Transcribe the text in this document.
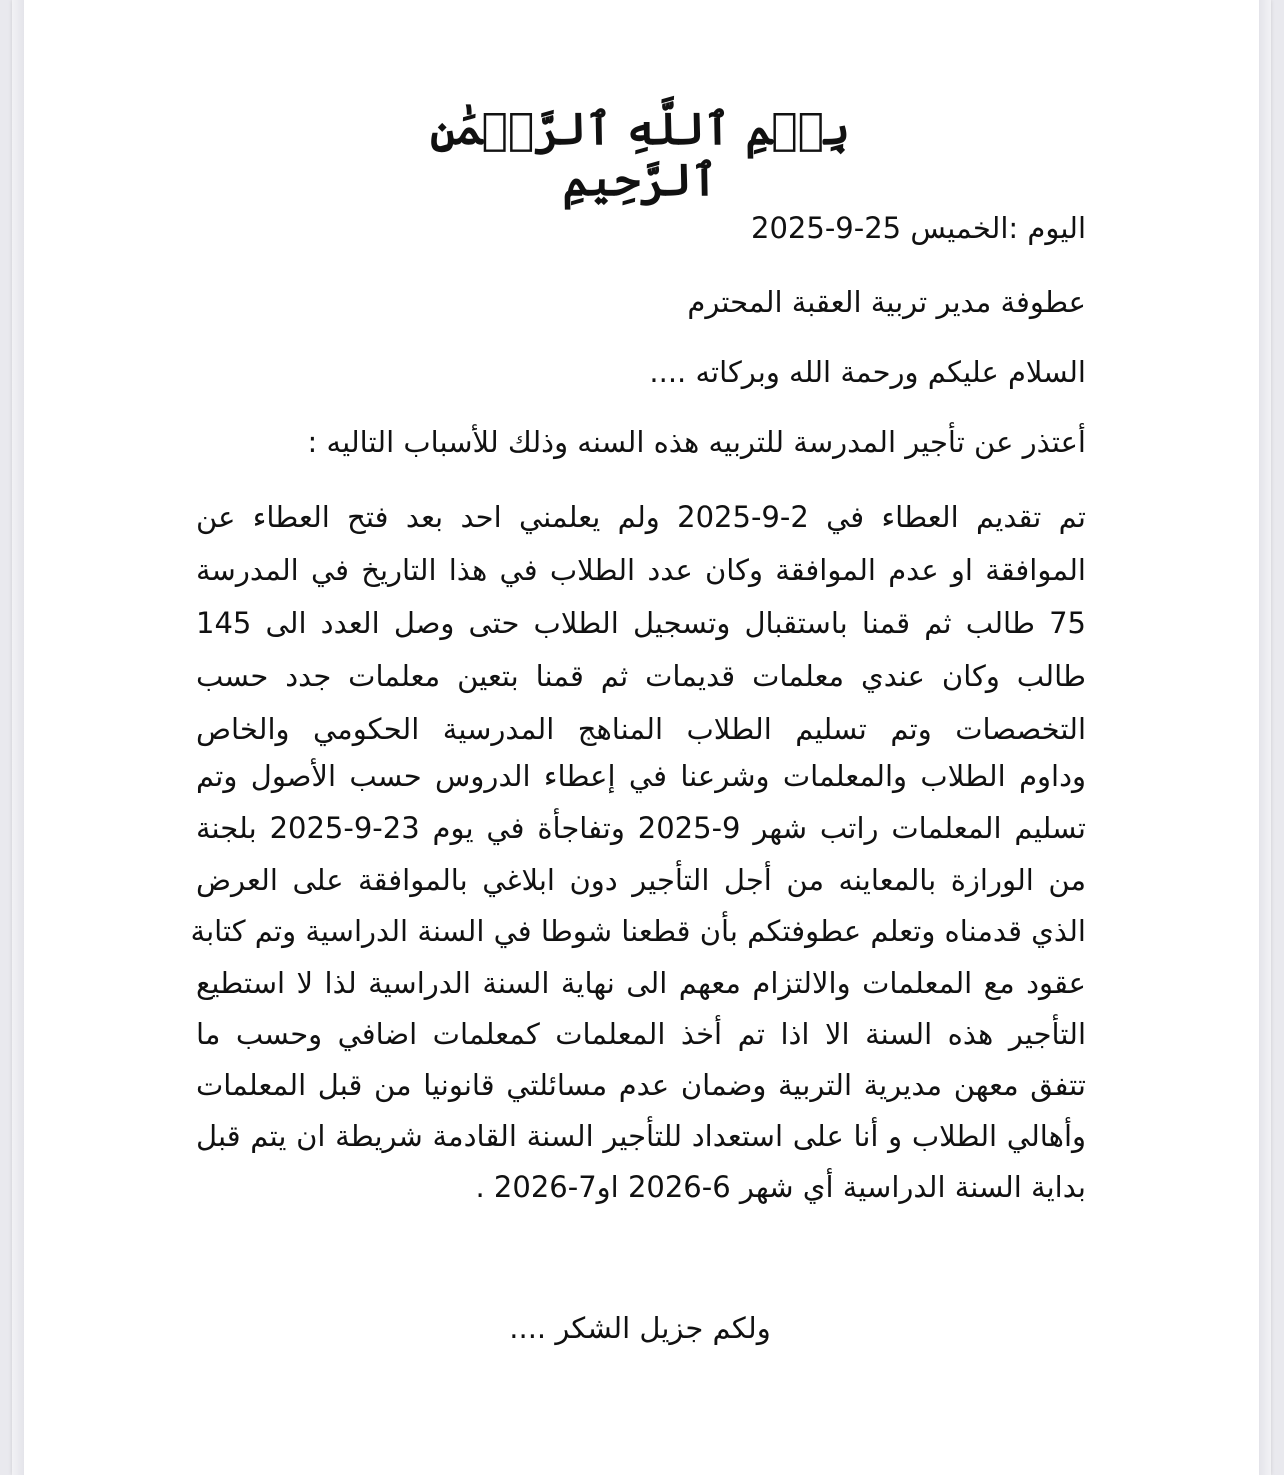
بِسۡمِ ٱللَّهِ ٱلرَّحۡمَٰنِ ٱلرَّحِيمِ
اليوم :الخميس 25-9-2025
عطوفة مدير تربية العقبة المحترم
السلام عليكم ورحمة الله وبركاته ....
أعتذر عن تأجير المدرسة للتربيه هذه السنه وذلك للأسباب التاليه :
تم تقديم العطاء في 2-9-2025 ولم يعلمني احد بعد فتح العطاء عن
الموافقة او عدم الموافقة وكان عدد الطلاب في هذا التاريخ في المدرسة
75 طالب ثم قمنا باستقبال وتسجيل الطلاب حتى وصل العدد الى 145
طالب وكان عندي معلمات قديمات ثم قمنا بتعين معلمات جدد حسب
التخصصات وتم تسليم الطلاب المناهج المدرسية الحكومي والخاص
وداوم الطلاب والمعلمات وشرعنا في إعطاء الدروس حسب الأصول وتم
تسليم المعلمات راتب شهر 9-2025 وتفاجأة في يوم 23-9-2025 بلجنة
من الورازة بالمعاينه من أجل التأجير دون ابلاغي بالموافقة على العرض
الذي قدمناه وتعلم عطوفتكم بأن قطعنا شوطا في السنة الدراسية وتم كتابة
عقود مع المعلمات والالتزام معهم الى نهاية السنة الدراسية لذا لا استطيع
التأجير هذه السنة الا اذا تم أخذ المعلمات كمعلمات اضافي وحسب ما
تتفق معهن مديرية التربية وضمان عدم مسائلتي قانونيا من قبل المعلمات
وأهالي الطلاب و أنا على استعداد للتأجير السنة القادمة شريطة ان يتم قبل
بداية السنة الدراسية أي شهر 6-2026 او7-2026 .
ولكم جزيل الشكر ....
